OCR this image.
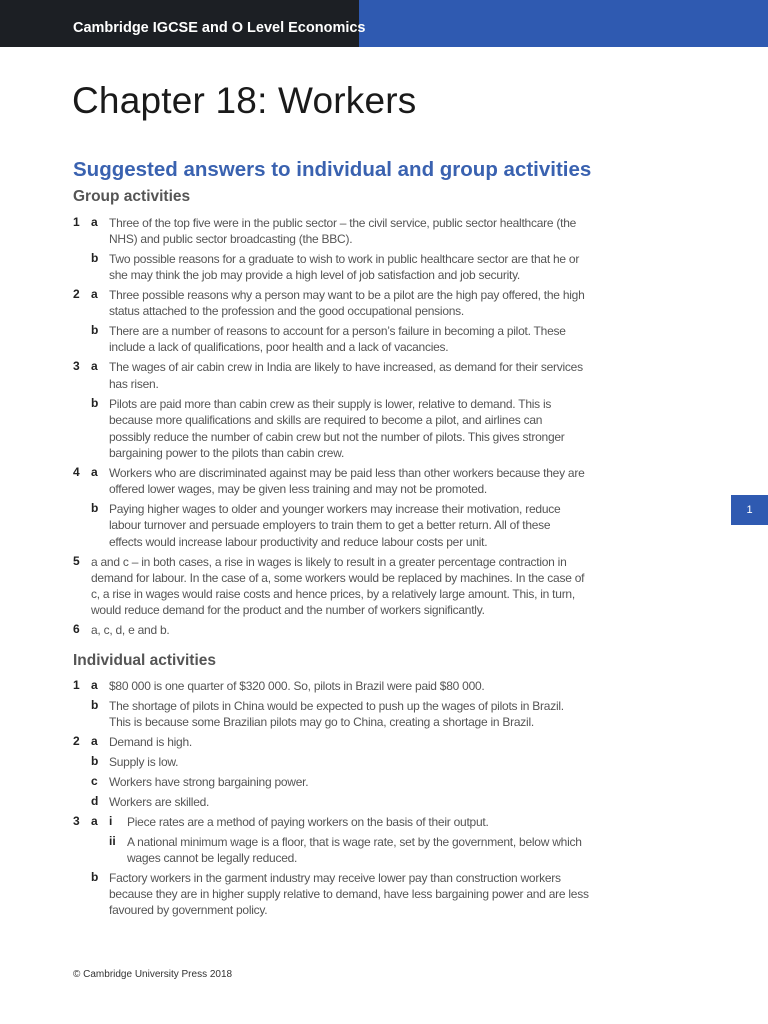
Cambridge IGCSE and O Level Economics
Chapter 18: Workers
Suggested answers to individual and group activities
Group activities
1 a Three of the top five were in the public sector – the civil service, public sector healthcare (the
NHS) and public sector broadcasting (the BBC).
b Two possible reasons for a graduate to wish to work in public healthcare sector are that he or
she may think the job may provide a high level of job satisfaction and job security.
2 a Three possible reasons why a person may want to be a pilot are the high pay offered, the high
status attached to the profession and the good occupational pensions.
b There are a number of reasons to account for a person’s failure in becoming a pilot. These
include a lack of qualifications, poor health and a lack of vacancies.
3 a The wages of air cabin crew in India are likely to have increased, as demand for their services
has risen.
b Pilots are paid more than cabin crew as their supply is lower, relative to demand. This is
because more qualifications and skills are required to become a pilot, and airlines can
possibly reduce the number of cabin crew but not the number of pilots. This gives stronger
bargaining power to the pilots than cabin crew.
4 a Workers who are discriminated against may be paid less than other workers because they are
offered lower wages, may be given less training and may not be promoted.
b Paying higher wages to older and younger workers may increase their motivation, reduce
labour turnover and persuade employers to train them to get a better return. All of these
effects would increase labour productivity and reduce labour costs per unit.
5 a and c – in both cases, a rise in wages is likely to result in a greater percentage contraction in
demand for labour. In the case of a, some workers would be replaced by machines. In the case of
c, a rise in wages would raise costs and hence prices, by a relatively large amount. This, in turn,
would reduce demand for the product and the number of workers significantly.
6 a, c, d, e and b.
Individual activities
1 a $80 000 is one quarter of $320 000. So, pilots in Brazil were paid $80 000.
b The shortage of pilots in China would be expected to push up the wages of pilots in Brazil.
This is because some Brazilian pilots may go to China, creating a shortage in Brazil.
2 a Demand is high.
b Supply is low.
c Workers have strong bargaining power.
d Workers are skilled.
3 a i Piece rates are a method of paying workers on the basis of their output.
ii A national minimum wage is a floor, that is wage rate, set by the government, below which
wages cannot be legally reduced.
b Factory workers in the garment industry may receive lower pay than construction workers
because they are in higher supply relative to demand, have less bargaining power and are less
favoured by government policy.
1
© Cambridge University Press 2018
